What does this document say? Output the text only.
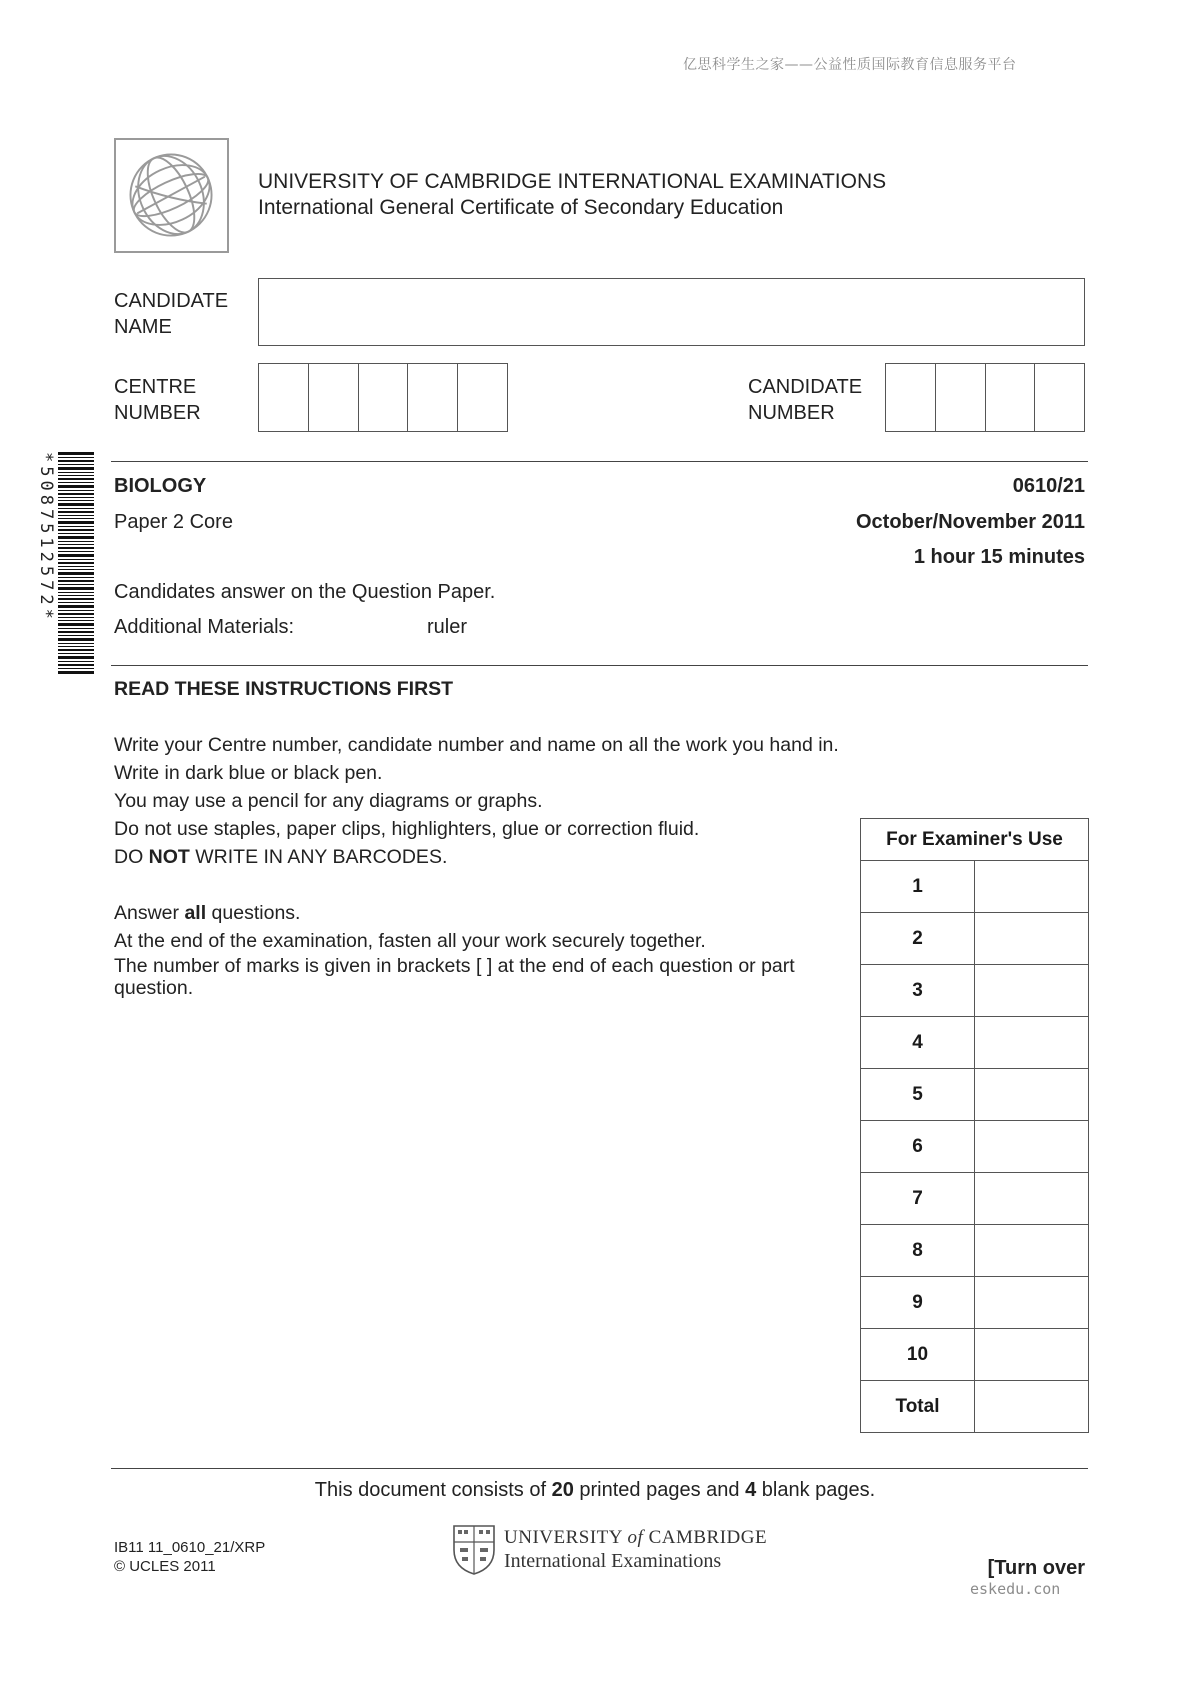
亿思科学生之家——公益性质国际教育信息服务平台
UNIVERSITY OF CAMBRIDGE INTERNATIONAL EXAMINATIONS
International General Certificate of Secondary Education
CANDIDATE
NAME
CENTRE
NUMBER
CANDIDATE
NUMBER
*5087512572*	BIOLOGY	0610/21
Paper 2 Core	October/November 2011
1 hour 15 minutes
Candidates answer on the Question Paper.
Additional Materials:	ruler
READ THESE INSTRUCTIONS FIRST
Write your Centre number, candidate number and name on all the work you hand in.
Write in dark blue or black pen.
You may use a pencil for any diagrams or graphs.
Do not use staples, paper clips, highlighters, glue or correction fluid.
DO NOT WRITE IN ANY BARCODES.
Answer all questions.
At the end of the examination, fasten all your work securely together.
The number of marks is given in brackets [ ] at the end of each question or part
question.
For Examiner's Use	
1	
2	
3	
4	
5	
6	
7	
8	
9	
10	
Total	
This document consists of 20 printed pages and 4 blank pages.
IB11 11_0610_21/XRP
© UCLES 2011
UNIVERSITY of CAMBRIDGE
International Examinations	[Turn over
eskedu.con
